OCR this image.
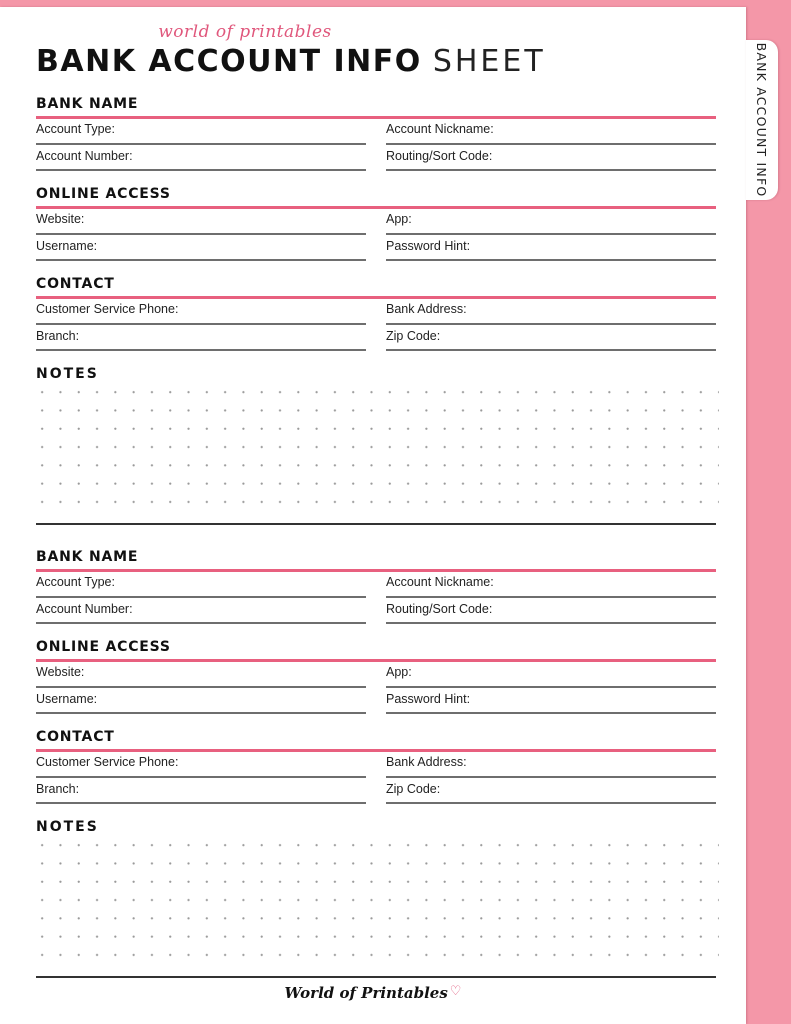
BANK ACCOUNT INFO
world of printables
BANK ACCOUNT INFO SHEET
BANK NAME
Account Type:	Account Nickname:
Account Number:	Routing/Sort Code:
ONLINE ACCESS
Website:	App:
Username:	Password Hint:
CONTACT
Customer Service Phone:	Bank Address:
Branch:	Zip Code:
NOTES
BANK NAME
Account Type:	Account Nickname:
Account Number:	Routing/Sort Code:
ONLINE ACCESS
Website:	App:
Username:	Password Hint:
CONTACT
Customer Service Phone:	Bank Address:
Branch:	Zip Code:
NOTES
World of Printables ♡
